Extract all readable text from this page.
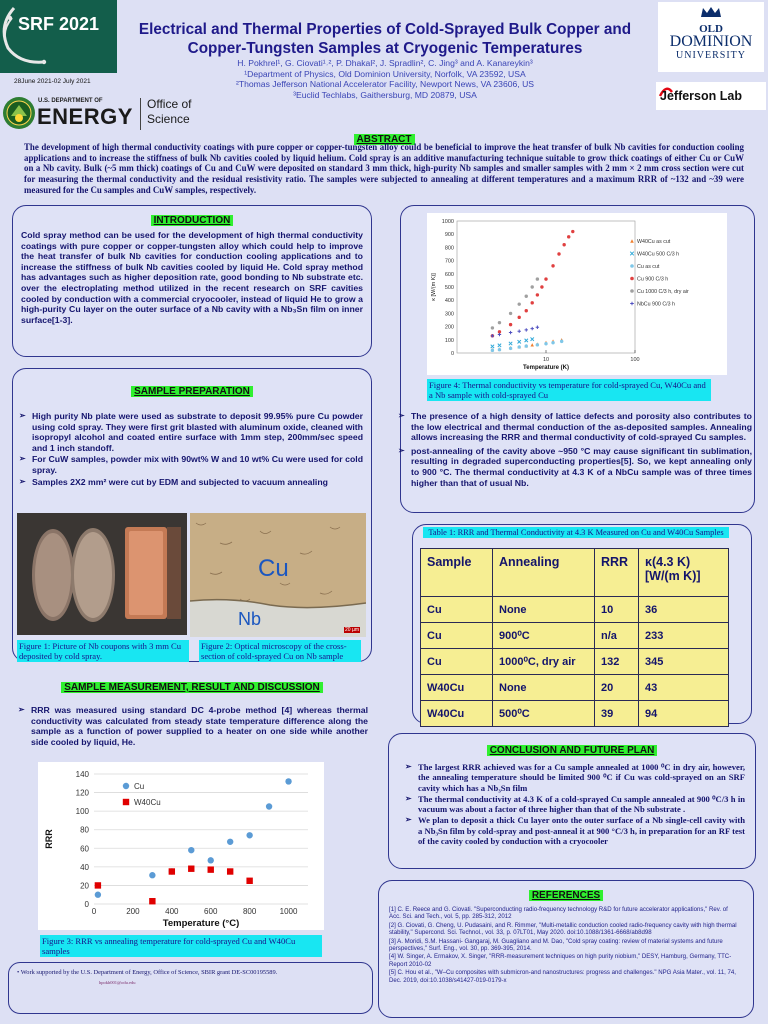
SRF 2021
28June 2021-02 July 2021
U.S. DEPARTMENT OF
ENERGY Office of
Science
Electrical and Thermal Properties of Cold-Sprayed Bulk Copper and
Copper-Tungsten Samples at Cryogenic Temperatures
H. Pokhrel¹, G. Ciovati¹˒², P. Dhakal², J. Spradlin², C. Jing³ and A. Kanareykin³
¹Department of Physics, Old Dominion University, Norfolk, VA 23592, USA
²Thomas Jefferson National Accelerator Facility, Newport News, VA 23606, US
³Euclid Techlabs, Gaithersburg, MD 20879, USA
OLD
DOMINION
UNIVERSITY
Jefferson Lab
ABSTRACT
The development of high thermal conductivity coatings with pure copper or copper-tungsten alloy could be beneficial to improve the heat transfer of bulk Nb cavities for conduction cooling applications and to increase the stiffness of bulk Nb cavities cooled by liquid helium. Cold spray is an additive manufacturing technique suitable to grow thick coatings of either Cu or CuW on a Nb cavity. Bulk (~5 mm thick) coatings of Cu and CuW were deposited on standard 3 mm thick, high-purity Nb samples and smaller samples with 2 mm × 2 mm cross section were cut for measuring the thermal conductivity and the residual resistivity ratio. The samples were subjected to annealing at different temperatures and a maximum RRR of ~132 and ~39 were measured for the Cu samples and CuW samples, respectively.
INTRODUCTION
Cold spray method can be used for the development of high thermal conductivity coatings with pure copper or copper-tungsten alloy which could help to improve the heat transfer of bulk Nb cavities for conduction cooling applications and to increase the stiffness of bulk Nb cavities cooled by liquid He. Cold spray method has advantages such as higher deposition rate, good bonding to Nb substrate etc. over the electroplating method utilized in the recent research on SRF cavities cooled by conduction with a commercial cryocooler, instead of liquid He to grow a high-purity Cu layer on the outer surface of a Nb cavity with a Nb₃Sn film on inner surface[1-3].
SAMPLE PREPARATION
➢ High purity Nb plate were used as substrate to deposit 99.95% pure Cu powder using cold spray. They were first grit blasted with aluminum oxide, cleaned with isopropyl alcohol and coated entire surface with 1mm step, 200mm/sec speed and 1 inch standoff.
➢ For CuW samples, powder mix with 90wt% W and 10 wt% Cu were used for cold spray.
➢ Samples 2X2 mm² were cut by EDM and subjected to vacuum annealing
Cu
Nb
20 µm
Figure 1: Picture of Nb coupons with 3 mm Cu deposited by cold spray.
Figure 2: Optical microscopy of the cross-section of cold-sprayed Cu on Nb sample
SAMPLE MEASUREMENT, RESULT AND DISCUSSION
➢ RRR was measured using standard DC 4-probe method [4] whereas thermal conductivity was calculated from steady state temperature difference along the sample as a function of power supplied to a heater on one side while another side cooled by liquid, He.
0
20
40
60
80
100
120
140
0	200	400	600	800	1000
Temperature (°C)
RRR
Cu
W40Cu
Figure 3: RRR vs annealing temperature for cold-sprayed Cu and W40Cu samples
• Work supported by the U.S. Department of Energy, Office of Science, SBIR grant DE-SC00195589.
hpokh001@odu.edu
0
100
200
300
400
500
600
700
800
900
1000
10	100
Temperature (K)
κ [W/(m K)]
W40Cu as cut
W40Cu 500 C/3 h
Cu as cut
Cu 900 C/3 h
Cu 1000 C/3 h, dry air
NbCu 900 C/3 h
Figure 4: Thermal conductivity vs temperature for cold-sprayed Cu, W40Cu and a Nb sample with cold-sprayed Cu
➢ The presence of a high density of lattice defects and porosity also contributes to the low electrical and thermal conduction of the as-deposited samples. Annealing allows increasing the RRR and thermal conductivity of cold-sprayed Cu samples.
➢ post-annealing of the cavity above ~950 °C may cause significant tin sublimation, resulting in degraded superconducting properties[5]. So, we kept annealing only to 900 °C. The thermal conductivity at 4.3 K of a NbCu sample was of three times higher than that of usual Nb.
Table 1: RRR and Thermal Conductivity at 4.3 K Measured on Cu and W40Cu Samples
Sample	Annealing	RRR	κ(4.3 K) [W/(m K)]
Cu	None	10	36
Cu	900⁰C	n/a	233
Cu	1000⁰C, dry air	132	345
W40Cu	None	20	43
W40Cu	500⁰C	39	94
CONCLUSION AND FUTURE PLAN
➢ The largest RRR achieved was for a Cu sample annealed at 1000 ⁰C in dry air, however, the annealing temperature should be limited 900 ⁰C if Cu was cold-sprayed on an SRF cavity which has a Nb₃Sn film
➢ The thermal conductivity at 4.3 K of a cold-sprayed Cu sample annealed at 900 ⁰C/3 h in vacuum was about a factor of three higher than that of the Nb substrate .
➢ We plan to deposit a thick Cu layer onto the outer surface of a Nb single-cell cavity with a Nb₃Sn film by cold-spray and post-anneal it at 900 °C/3 h, in preparation for an RF test of the cavity cooled by conduction with a cryocooler
REFERENCES
[1] C. E. Reece and G. Ciovati. "Superconducting radio-frequency technology R&D for future accelerator applications," Rev. of Acc. Sci. and Tech., vol. 5, pp. 285-312, 2012
[2] G. Ciovati, G. Cheng, U. Pudasaini, and R. Rimmer, "Multi-metallic conduction cooled radio-frequency cavity with high thermal stability," Supercond. Sci. Technol., vol. 33, p. 07LT01, May 2020. doi:10.1088/1361-6668/ab8d98
[3] A. Moridi, S.M. Hassani- Gangaraj, M. Guagliano and M. Dao, "Cold spray coating: review of material systems and future perspectives," Surf. Eng., vol. 30, pp. 369-395, 2014.
[4] W. Singer, A. Ermakov, X. Singer, "RRR-measurement techniques on high purity niobium," DESY, Hamburg, Germany, TTC-Report 2010-02
[5] C. Hou et al., "W–Cu composites with submicron-and nanostructures: progress and challenges." NPG Asia Mater., vol. 11, 74, Dec. 2019, doi:10.1038/s41427-019-0179-x
